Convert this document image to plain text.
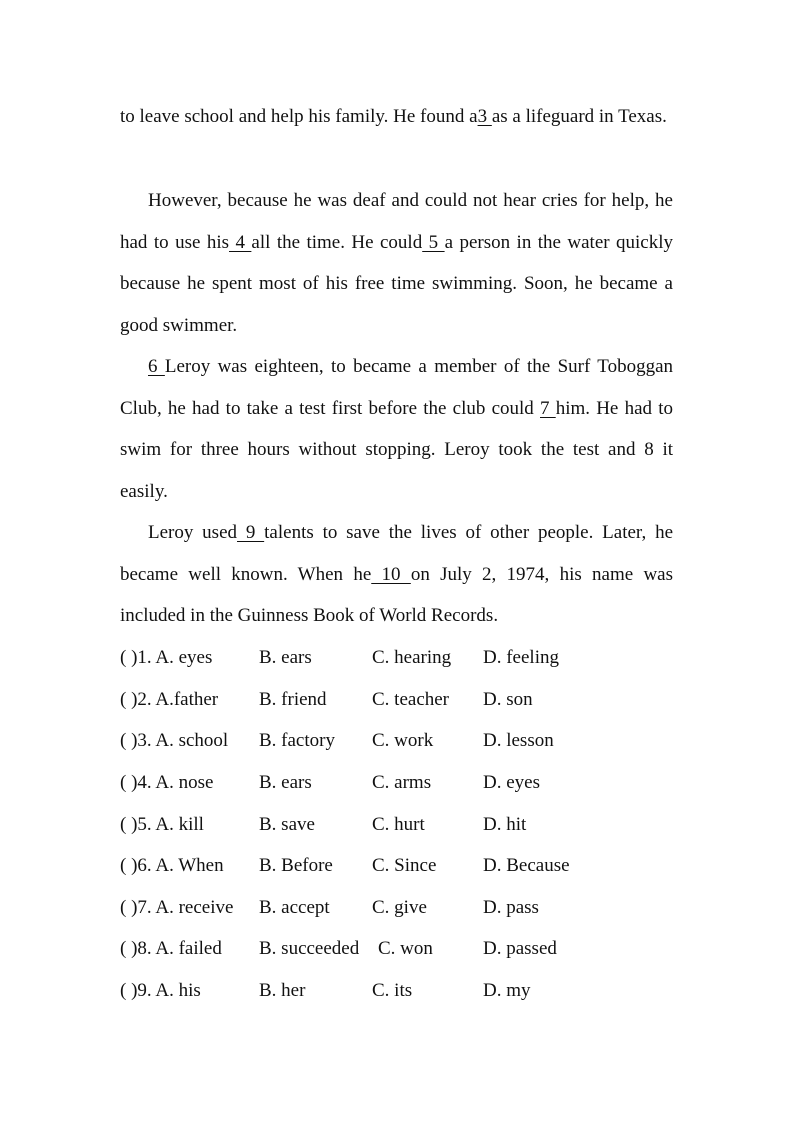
to leave school and help his family. He found a3 as a lifeguard in Texas.

However, because he was deaf and could not hear cries for help, he had to use his 4 all the time. He could 5 a person in the water quickly because he spent most of his free time swimming. Soon, he became a good swimmer.

6 Leroy was eighteen, to became a member of the Surf Toboggan Club, he had to take a test first before the club could 7 him. He had to swim for three hours without stopping. Leroy took the test and 8 it easily.

Leroy used 9 talents to save the lives of other people. Later, he became well known. When he 10 on July 2, 1974, his name was included in the Guinness Book of World Records.

( )1. A. eyes B. ears	C. hearing D. feeling
( )2. A.father B. friend C. teacher D. son
( )3. A. school B. factory C. work	D. lesson
( )4. A. nose B. ears	C. arms	D. eyes
( )5. A. kill	B. save	C. hurt	D. hit
( )6. A. When B. Before C. Since D. Because
( )7. A. receive B. accept C. give	D. pass
( )8. A. failed B. succeeded C. won	D. passed
( )9. A. his	B. her	C. its	D. my
